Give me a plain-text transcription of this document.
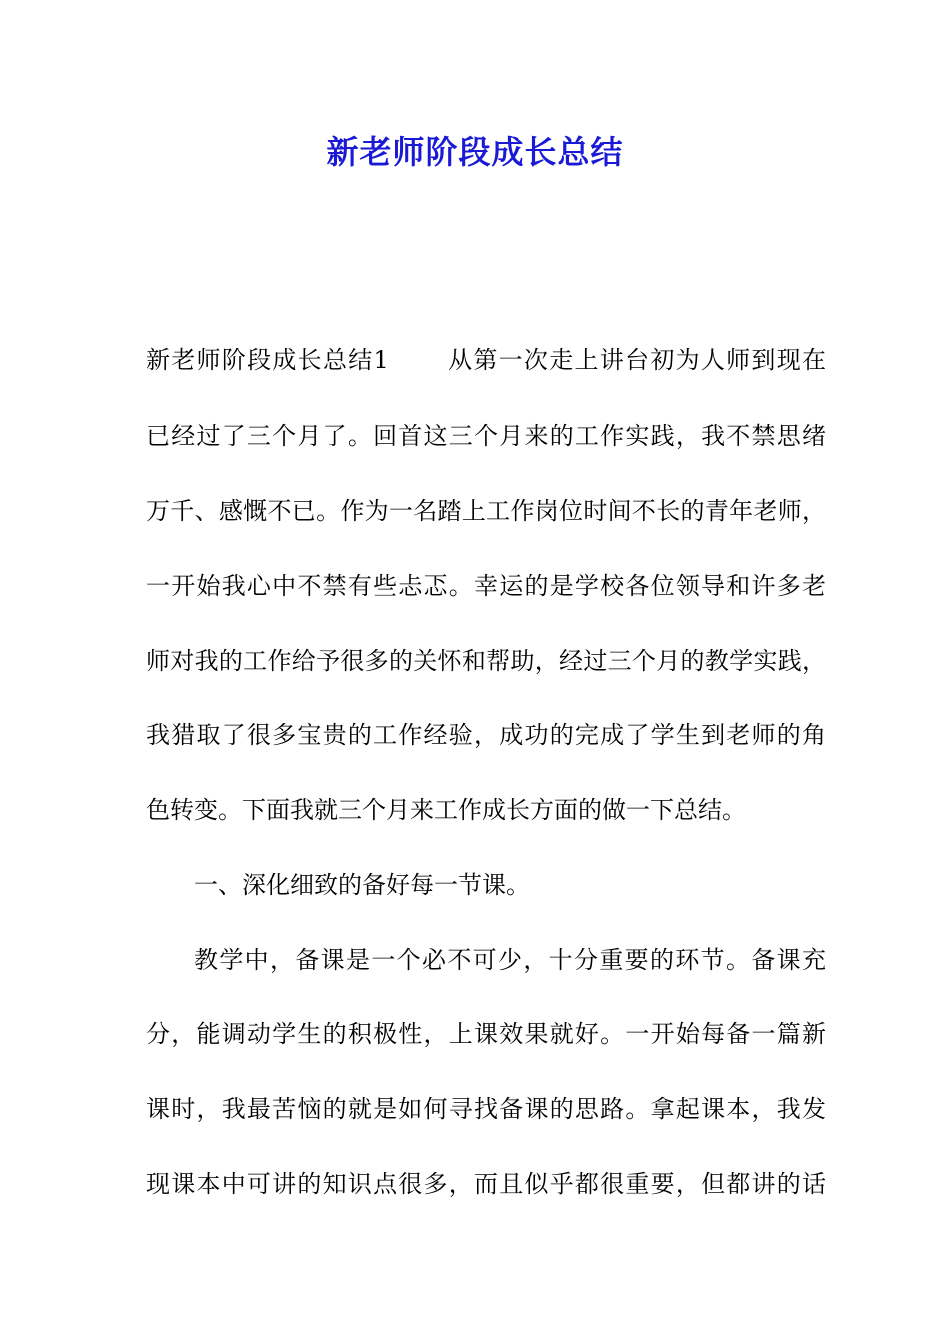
新老师阶段成长总结
新老师阶段成长总结1 从第一次走上讲台初为人师到现在
已经过了三个月了。回首这三个月来的工作实践，我不禁思绪
万千、感慨不已。作为一名踏上工作岗位时间不长的青年老师，
一开始我心中不禁有些忐忑。幸运的是学校各位领导和许多老
师对我的工作给予很多的关怀和帮助，经过三个月的教学实践，
我猎取了很多宝贵的工作经验，成功的完成了学生到老师的角
色转变。下面我就三个月来工作成长方面的做一下总结。
一、深化细致的备好每一节课。
教学中，备课是一个必不可少，十分重要的环节。备课充
分，能调动学生的积极性，上课效果就好。一开始每备一篇新
课时，我最苦恼的就是如何寻找备课的思路。拿起课本，我发
现课本中可讲的知识点很多，而且似乎都很重要，但都讲的话
